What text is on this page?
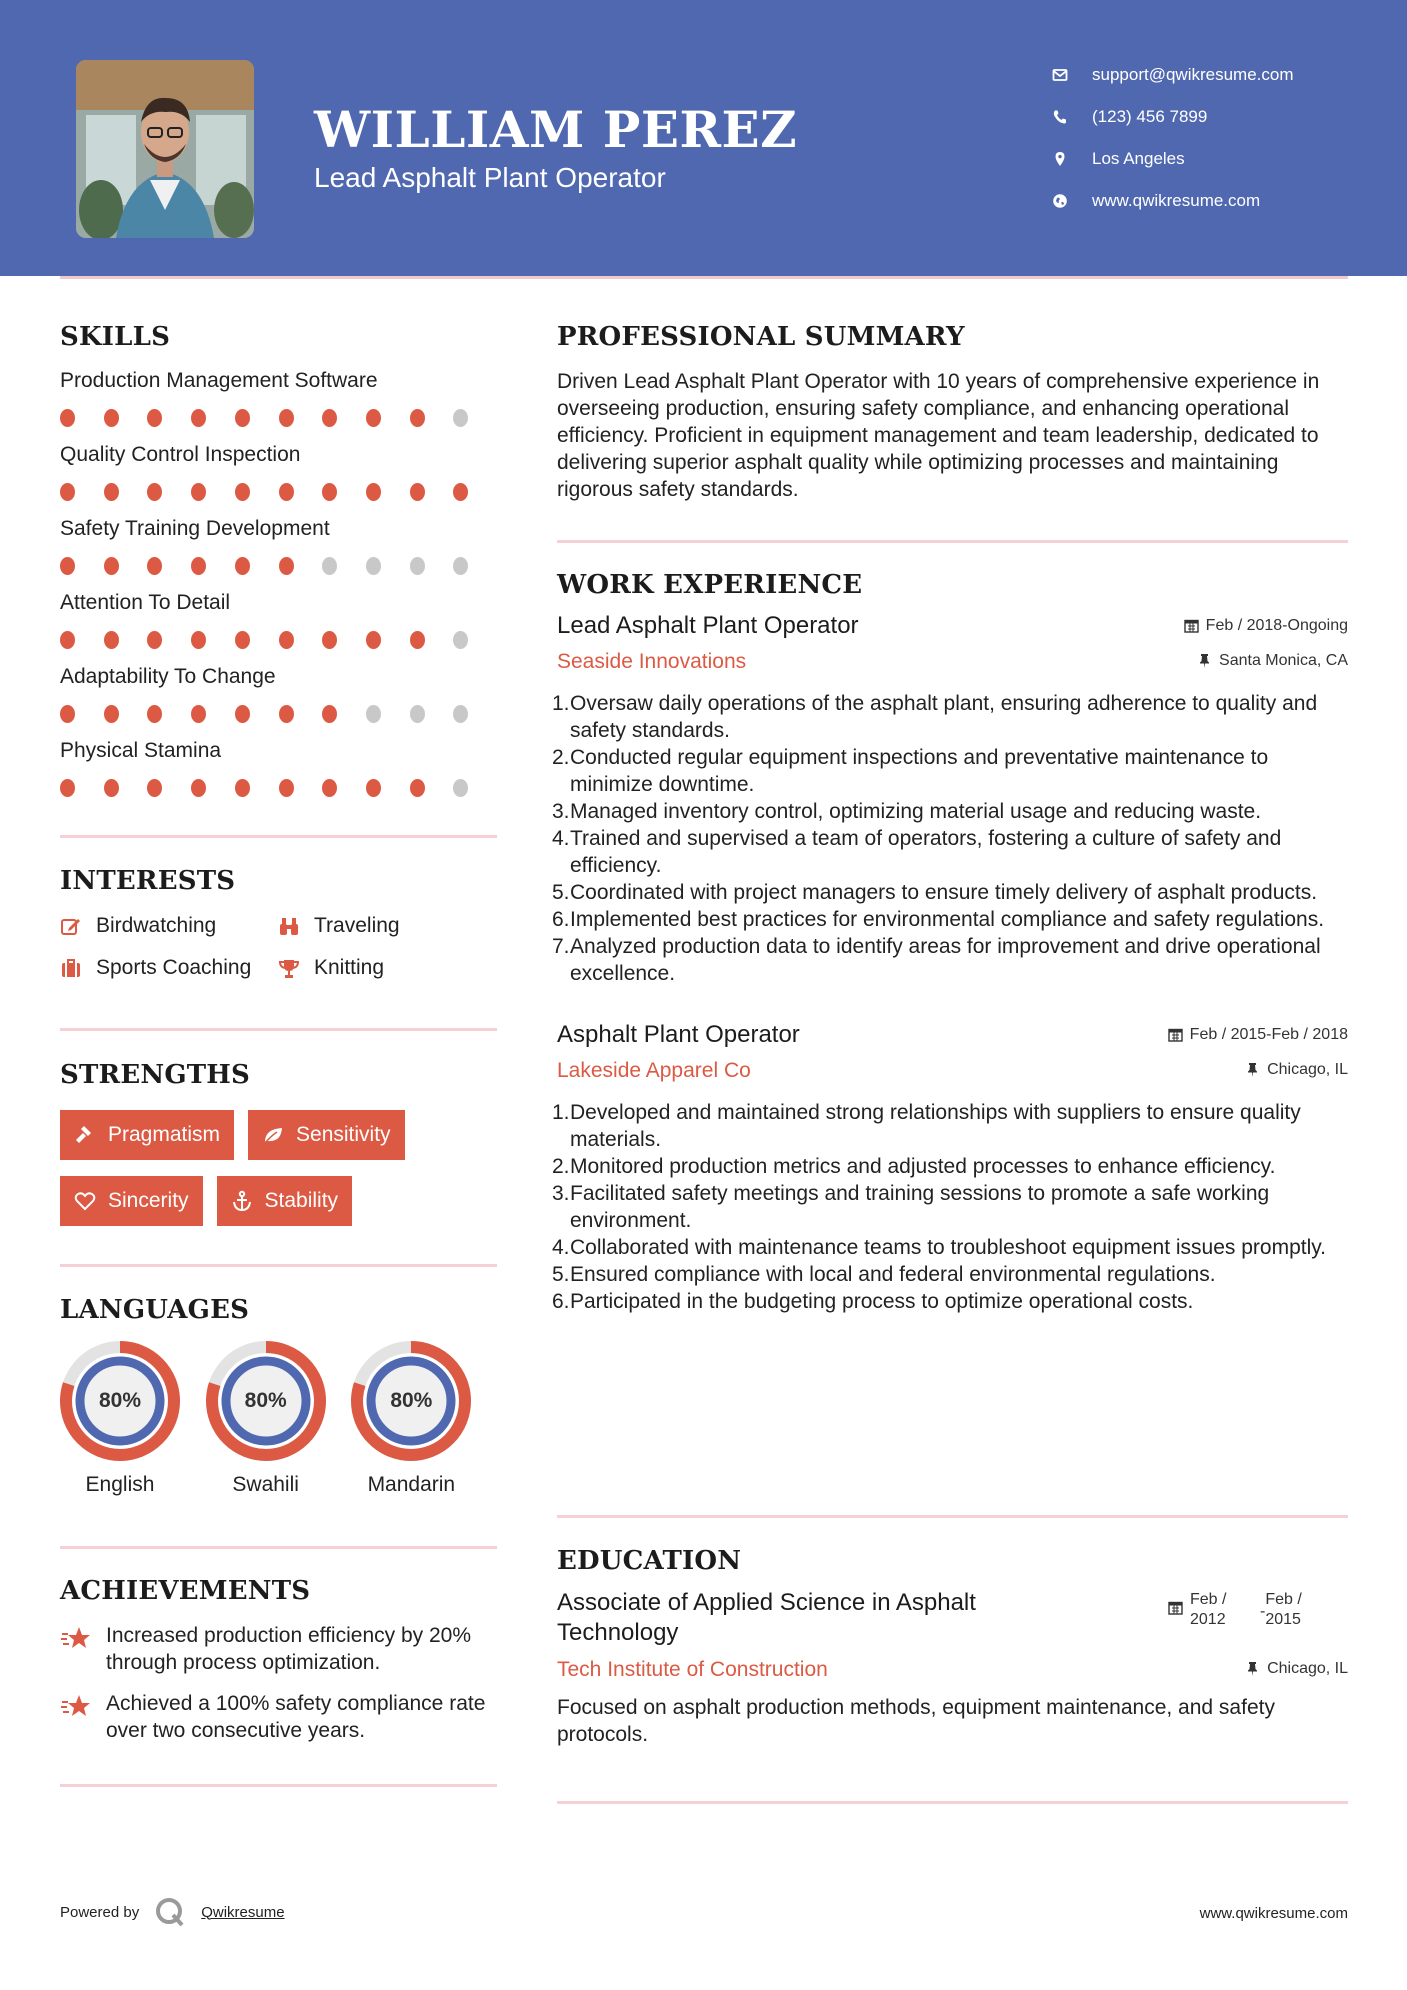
WILLIAM PEREZ
Lead Asphalt Plant Operator
support@qwikresume.com
(123) 456 7899
Los Angeles
www.qwikresume.com
SKILLS
Production Management Software
Quality Control Inspection
Safety Training Development
Attention To Detail
Adaptability To Change
Physical Stamina
INTERESTS
Birdwatching	Traveling
Sports Coaching	Knitting
STRENGTHS
Pragmatism	Sensitivity
Sincerity	Stability
LANGUAGES
80%
English
80%
Swahili
80%
Mandarin
ACHIEVEMENTS
Increased production efficiency by 20% through process optimization.
Achieved a 100% safety compliance rate over two consecutive years.
PROFESSIONAL SUMMARY
Driven Lead Asphalt Plant Operator with 10 years of comprehensive experience in overseeing production, ensuring safety compliance, and enhancing operational efficiency. Proficient in equipment management and team leadership, dedicated to delivering superior asphalt quality while optimizing processes and maintaining rigorous safety standards.
WORK EXPERIENCE
Lead Asphalt Plant Operator	Feb / 2018-Ongoing
Seaside Innovations	Santa Monica, CA
1. Oversaw daily operations of the asphalt plant, ensuring adherence to quality and safety standards.
2. Conducted regular equipment inspections and preventative maintenance to minimize downtime.
3. Managed inventory control, optimizing material usage and reducing waste.
4. Trained and supervised a team of operators, fostering a culture of safety and efficiency.
5. Coordinated with project managers to ensure timely delivery of asphalt products.
6. Implemented best practices for environmental compliance and safety regulations.
7. Analyzed production data to identify areas for improvement and drive operational excellence.
Asphalt Plant Operator	Feb / 2015-Feb / 2018
Lakeside Apparel Co	Chicago, IL
1. Developed and maintained strong relationships with suppliers to ensure quality materials.
2. Monitored production metrics and adjusted processes to enhance efficiency.
3. Facilitated safety meetings and training sessions to promote a safe working environment.
4. Collaborated with maintenance teams to troubleshoot equipment issues promptly.
5. Ensured compliance with local and federal environmental regulations.
6. Participated in the budgeting process to optimize operational costs.
EDUCATION
Associate of Applied Science in Asphalt Technology
Feb / 2012	-
Feb / 2015
Tech Institute of Construction	Chicago, IL
Focused on asphalt production methods, equipment maintenance, and safety protocols.
Powered by	Qwikresume	www.qwikresume.com
